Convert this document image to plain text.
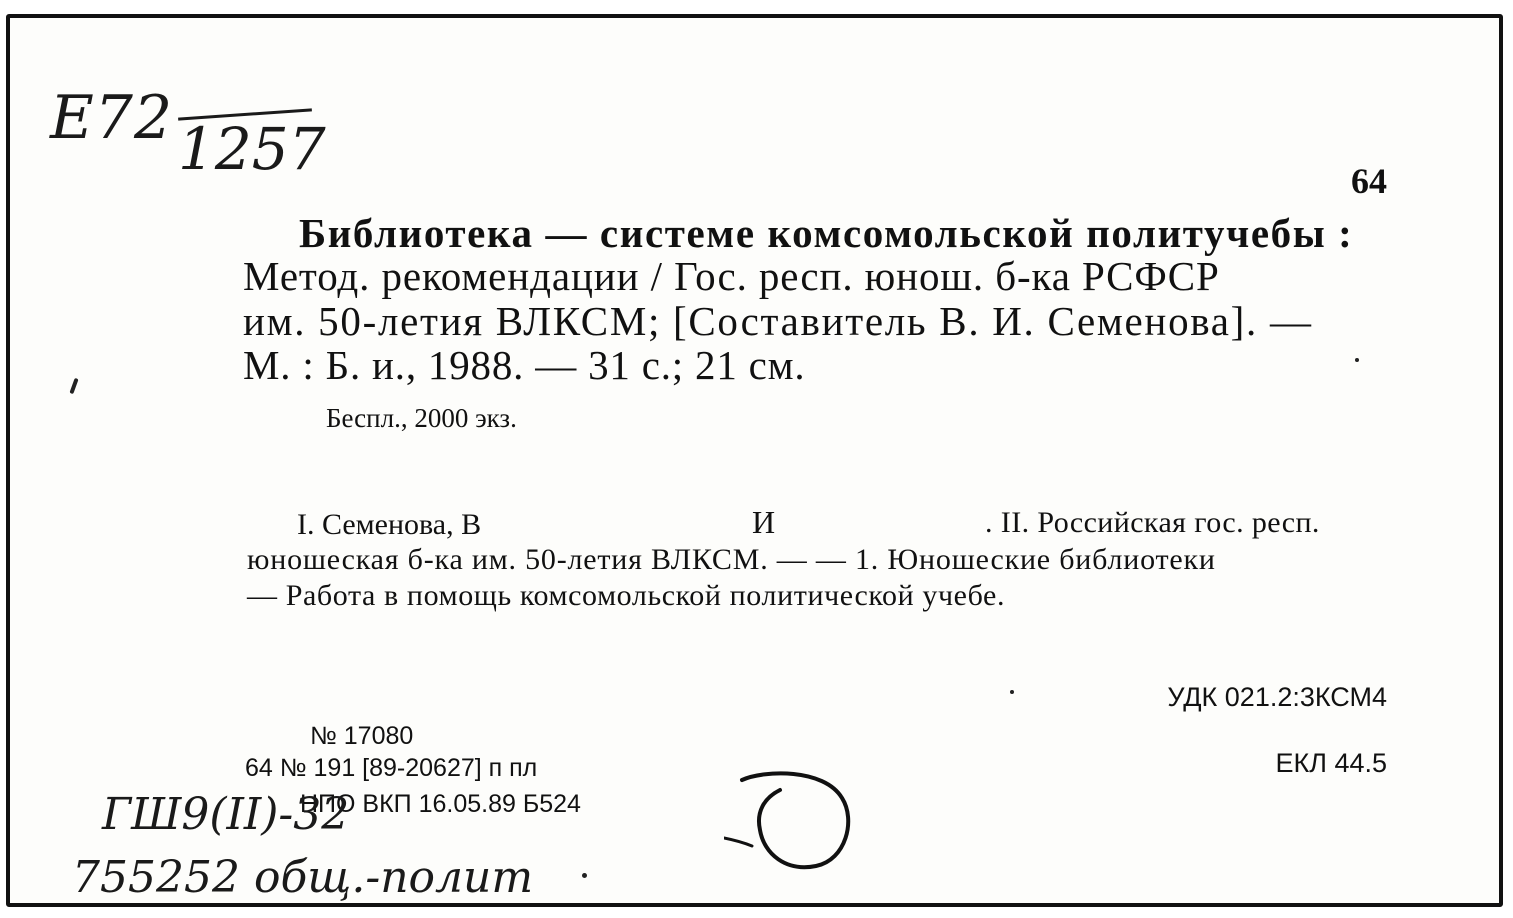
Е72 1257	64
Библиотека — системе комсомольской политучебы :
Метод. рекомендации / Гос. респ. юнош. б-ка РСФСР
им. 50-летия ВЛКСМ; [Составитель В. И. Семенова]. —
М. : Б. и., 1988. — 31 с.; 21 см.
Беспл., 2000 экз.
I. Семенова, В	И	. II. Российская гос. респ.
юношеская б-ка им. 50-летия ВЛКСМ. — — 1. Юношеские библиотеки
— Работа в помощь комсомольской политической учебе.
УДК 021.2:3КСМ4
ЕКЛ 44.5
№ 17080
64 № 191 [89-20627] п пл
НПО ВКП 16.05.89 Б524
ГШ9(II)-32
755252 общ.-полит
